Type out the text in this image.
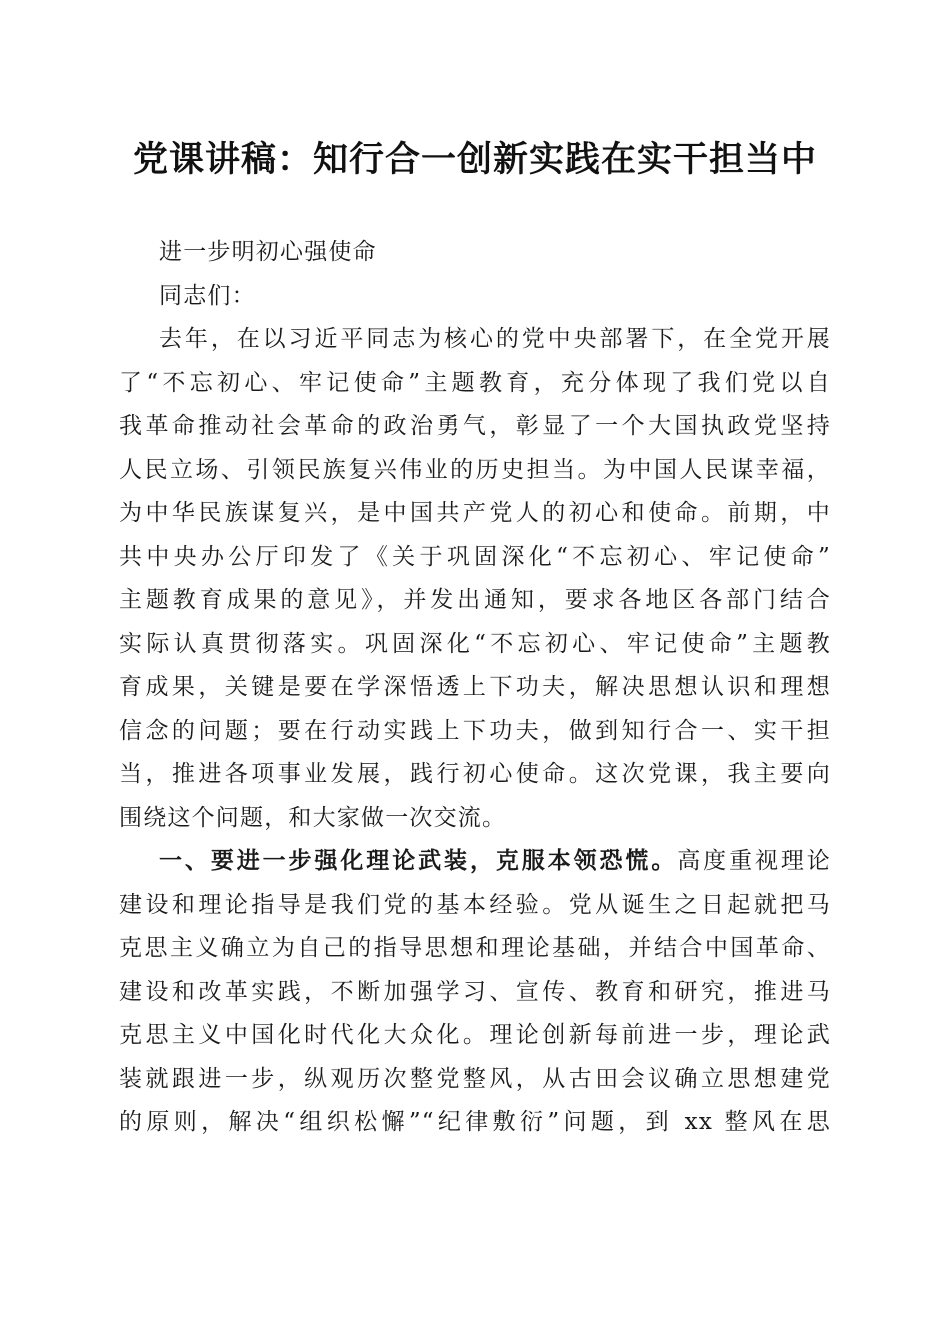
党课讲稿：知行合一创新实践在实干担当中
进一步明初心强使命
同志们：
去年，在以习近平同志为核心的党中央部署下，在全党开展
了“不忘初心、牢记使命”主题教育，充分体现了我们党以自
我革命推动社会革命的政治勇气，彰显了一个大国执政党坚持
人民立场、引领民族复兴伟业的历史担当。为中国人民谋幸福，
为中华民族谋复兴，是中国共产党人的初心和使命。前期，中
共中央办公厅印发了《关于巩固深化“不忘初心、牢记使命”
主题教育成果的意见》，并发出通知，要求各地区各部门结合
实际认真贯彻落实。巩固深化“不忘初心、牢记使命”主题教
育成果，关键是要在学深悟透上下功夫，解决思想认识和理想
信念的问题；要在行动实践上下功夫，做到知行合一、实干担
当，推进各项事业发展，践行初心使命。这次党课，我主要向
围绕这个问题，和大家做一次交流。
一、要进一步强化理论武装，克服本领恐慌。高度重视理论
建设和理论指导是我们党的基本经验。党从诞生之日起就把马
克思主义确立为自己的指导思想和理论基础，并结合中国革命、
建设和改革实践，不断加强学习、宣传、教育和研究，推进马
克思主义中国化时代化大众化。理论创新每前进一步，理论武
装就跟进一步，纵观历次整党整风，从古田会议确立思想建党
的原则，解决“组织松懈”“纪律敷衍”问题，到 xx 整风在思
